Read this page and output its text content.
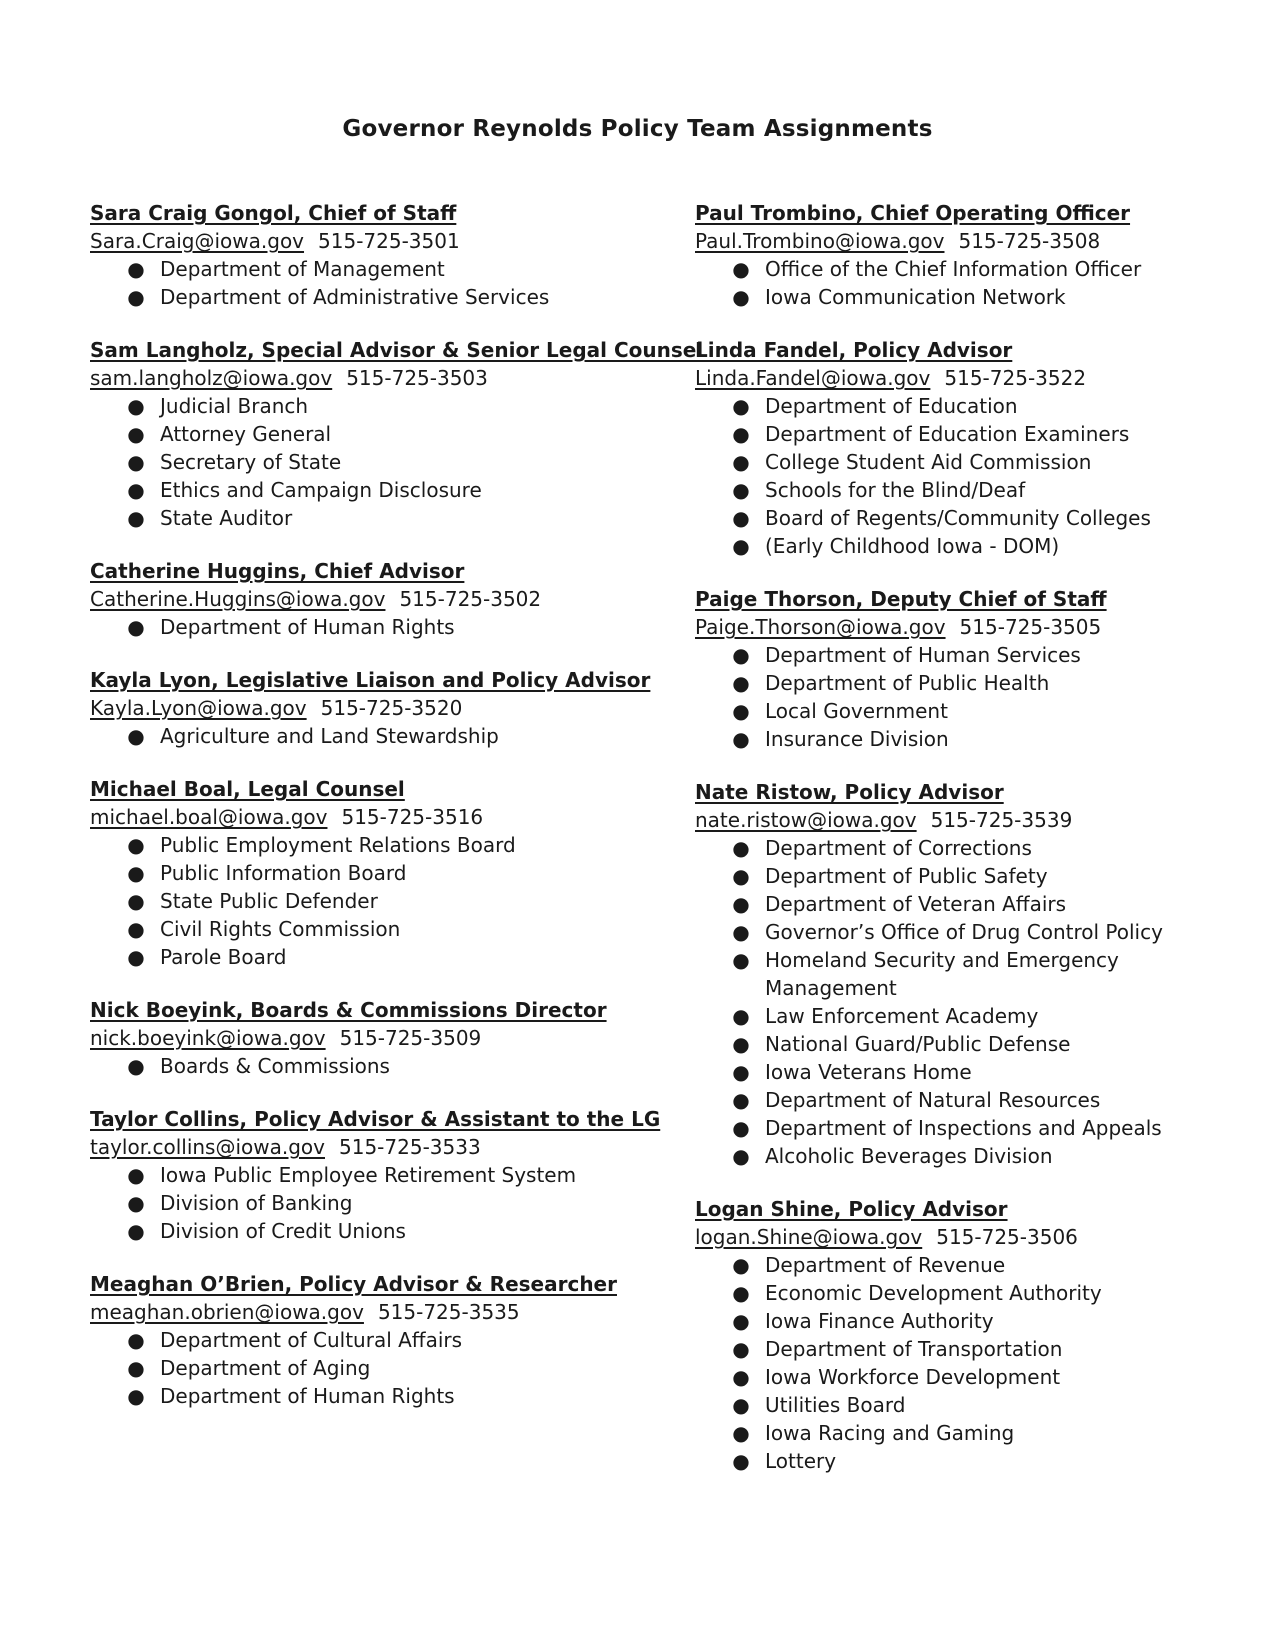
Governor Reynolds Policy Team Assignments
Sara Craig Gongol, Chief of Staff
Sara.Craig@iowa.gov 515-725-3501
● Department of Management
● Department of Administrative Services
Sam Langholz, Special Advisor & Senior Legal Counsel
sam.langholz@iowa.gov 515-725-3503
● Judicial Branch
● Attorney General
● Secretary of State
● Ethics and Campaign Disclosure
● State Auditor
Catherine Huggins, Chief Advisor
Catherine.Huggins@iowa.gov 515-725-3502
● Department of Human Rights
Kayla Lyon, Legislative Liaison and Policy Advisor
Kayla.Lyon@iowa.gov 515-725-3520
● Agriculture and Land Stewardship
Michael Boal, Legal Counsel
michael.boal@iowa.gov 515-725-3516
● Public Employment Relations Board
● Public Information Board
● State Public Defender
● Civil Rights Commission
● Parole Board
Nick Boeyink, Boards & Commissions Director
nick.boeyink@iowa.gov 515-725-3509
● Boards & Commissions
Taylor Collins, Policy Advisor & Assistant to the LG
taylor.collins@iowa.gov 515-725-3533
● Iowa Public Employee Retirement System
● Division of Banking
● Division of Credit Unions
Meaghan O’Brien, Policy Advisor & Researcher
meaghan.obrien@iowa.gov 515-725-3535
● Department of Cultural Affairs
● Department of Aging
● Department of Human Rights
Paul Trombino, Chief Operating Officer
Paul.Trombino@iowa.gov 515-725-3508
● Office of the Chief Information Officer
● Iowa Communication Network
Linda Fandel, Policy Advisor
Linda.Fandel@iowa.gov 515-725-3522
● Department of Education
● Department of Education Examiners
● College Student Aid Commission
● Schools for the Blind/Deaf
● Board of Regents/Community Colleges
● (Early Childhood Iowa - DOM)
Paige Thorson, Deputy Chief of Staff
Paige.Thorson@iowa.gov 515-725-3505
● Department of Human Services
● Department of Public Health
● Local Government
● Insurance Division
Nate Ristow, Policy Advisor
nate.ristow@iowa.gov 515-725-3539
● Department of Corrections
● Department of Public Safety
● Department of Veteran Affairs
● Governor’s Office of Drug Control Policy
● Homeland Security and Emergency Management
● Law Enforcement Academy
● National Guard/Public Defense
● Iowa Veterans Home
● Department of Natural Resources
● Department of Inspections and Appeals
● Alcoholic Beverages Division
Logan Shine, Policy Advisor
logan.Shine@iowa.gov 515-725-3506
● Department of Revenue
● Economic Development Authority
● Iowa Finance Authority
● Department of Transportation
● Iowa Workforce Development
● Utilities Board
● Iowa Racing and Gaming
● Lottery
